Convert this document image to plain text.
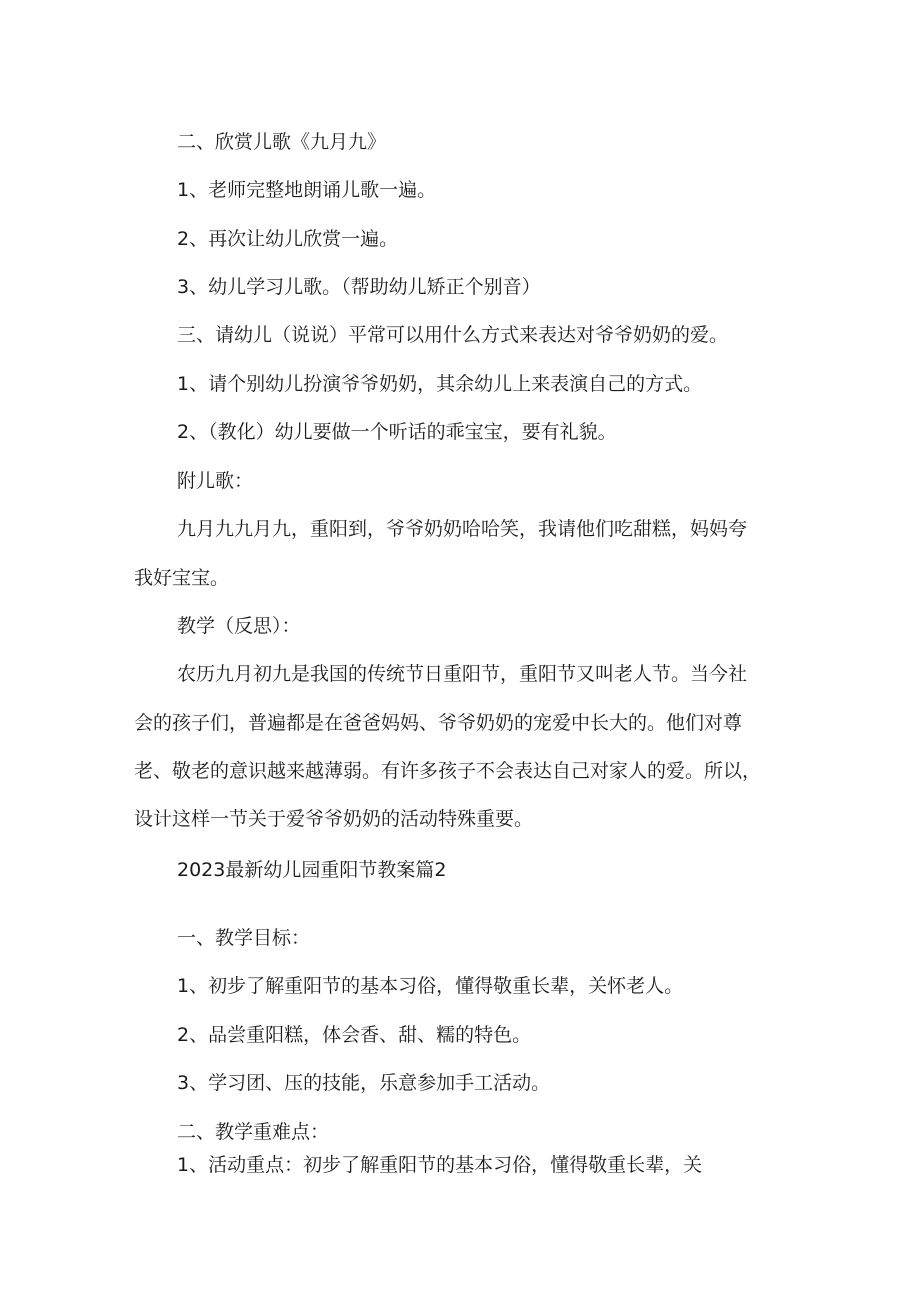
二、欣赏儿歌《九月九》
1、老师完整地朗诵儿歌一遍。
2、再次让幼儿欣赏一遍。
3、幼儿学习儿歌。（帮助幼儿矫正个别音）
三、请幼儿（说说）平常可以用什么方式来表达对爷爷奶奶的爱。
1、请个别幼儿扮演爷爷奶奶，其余幼儿上来表演自己的方式。
2、（教化）幼儿要做一个听话的乖宝宝，要有礼貌。
附儿歌：
九月九九月九，重阳到，爷爷奶奶哈哈笑，我请他们吃甜糕，妈妈夸
我好宝宝。
教学（反思）：
农历九月初九是我国的传统节日重阳节，重阳节又叫老人节。当今社
会的孩子们，普遍都是在爸爸妈妈、爷爷奶奶的宠爱中长大的。他们对尊
老、敬老的意识越来越薄弱。有许多孩子不会表达自己对家人的爱。所以，
设计这样一节关于爱爷爷奶奶的活动特殊重要。
2023最新幼儿园重阳节教案篇2
一、教学目标：
1、初步了解重阳节的基本习俗，懂得敬重长辈，关怀老人。
2、品尝重阳糕，体会香、甜、糯的特色。
3、学习团、压的技能，乐意参加手工活动。
二、教学重难点：
1、活动重点：初步了解重阳节的基本习俗，懂得敬重长辈，关
